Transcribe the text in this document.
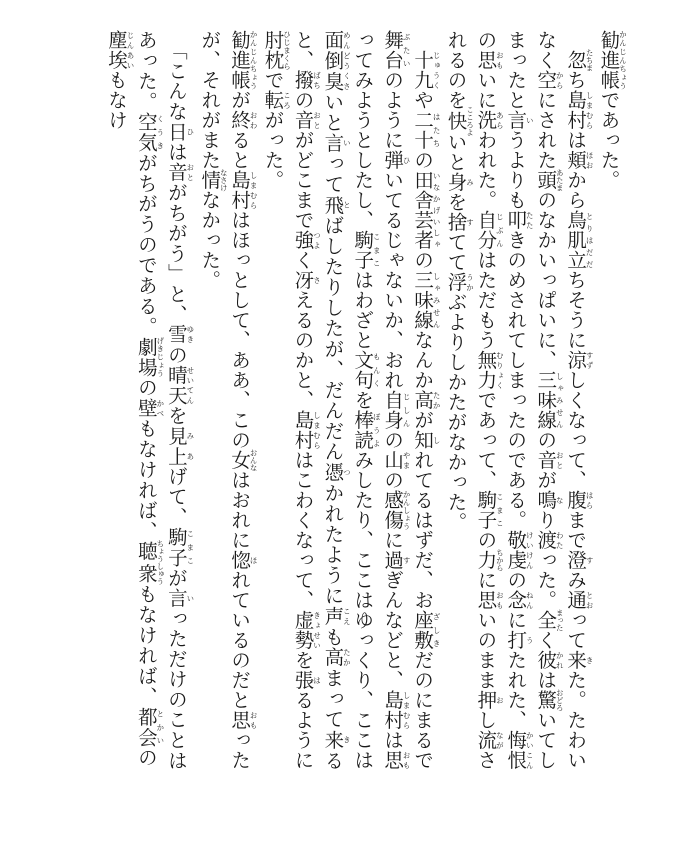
勧進帳かんじんちょうであった。

　忽たちまち島村しまむらは頬ほおから鳥肌立とりはだだちそうに涼すずしくなって、腹はらまで澄すみ通とおって来きた。たわいなく空からにされた頭あたまのなかいっぱいに、三味線しゃみせんの音おとが鳴なり渡わたった。全まったく彼かれは驚おどろいてしまったと言いうよりも叩たたきのめされてしまったのである。敬虔けいけんの念ねんに打うたれた、悔恨かいこんの思おもいに洗あらわれた。自分じぶんはただもう無力むりょくであって、駒子こまこの力ちからに思おもいのまま押おし流ながされるのを快こころよいと身みを捨すてて浮うかぶよりしかたがなかった。

　十九じゅうくや二十はたちの田舎芸者いなかげいしゃの三味線しゃみせんなんか高たかが知しれてるはずだ、お座敷ざしきだのにまるで舞台ぶたいのように弾ひいてるじゃないか、おれ自身じしんの山やまの感傷かんしょうに過すぎんなどと、島村しまむらは思おもってみようとしたし、駒子こまこはわざと文句もんくを棒読ぼうよみしたり、ここはゆっくり、ここは面倒臭めんどうくさいと言いって飛とばしたりしたが、だんだん憑つかれたように声こえも高たかまって来きると、撥ばちの音おとがどこまで強つよく冴さえるのかと、島村しまむらはこわくなって、虚勢きょせいを張はるように肘枕ひじまくらで転ころがった。

勧進帳かんじんちょうが終おわると島村しまむらはほっとして、ああ、この女おんなはおれに惚ほれているのだと思おもったが、それがまた情なさけなかった。

　「こんな日ひは音おとがちがう」と、雪ゆきの晴天せいてんを見上みあげて、駒子こまこが言いっただけのことはあった。空気くうきがちがうのである。劇場げきじょうの壁かべもなければ、聴衆ちょうしゅうもなければ、都会とかいの塵埃じんあいもなけ
